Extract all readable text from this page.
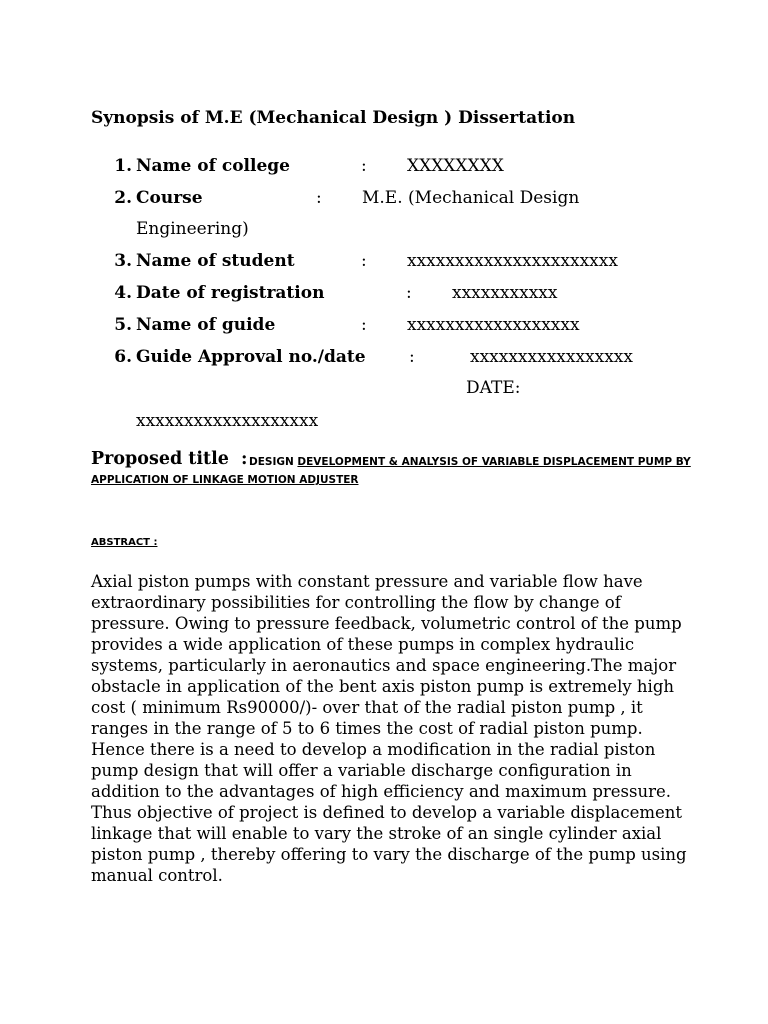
Synopsis of M.E (Mechanical Design ) Dissertation
1. Name of college	: XXXXXXXX
2. Course	: M.E. (Mechanical Design
Engineering)
3. Name of student	: xxxxxxxxxxxxxxxxxxxxxx
4. Date of registration	: xxxxxxxxxxx
5. Name of guide	: xxxxxxxxxxxxxxxxxx
6. Guide Approval no./date	:	xxxxxxxxxxxxxxxxx
DATE:
xxxxxxxxxxxxxxxxxxx
Proposed title : DESIGN DEVELOPMENT & ANALYSIS OF VARIABLE DISPLACEMENT PUMP BY
APPLICATION OF LINKAGE MOTION ADJUSTER
ABSTRACT :

Axial piston pumps with constant pressure and variable flow have extraordinary possibilities for controlling the flow by change of pressure. Owing to pressure feedback, volumetric control of the pump provides a wide application of these pumps in complex hydraulic systems, particularly in aeronautics and space engineering.The major obstacle in application of the bent axis piston pump is extremely high cost ( minimum Rs90000/)- over that of the radial piston pump , it ranges in the range of 5 to 6 times the cost of radial piston pump. Hence there is a need to develop a modification in the radial piston pump design that will offer a variable discharge configuration in addition to the advantages of high efficiency and maximum pressure. Thus objective of project is defined to develop a variable displacement linkage that will enable to vary the stroke of an single cylinder axial piston pump , thereby offering to vary the discharge of the pump using manual control.
